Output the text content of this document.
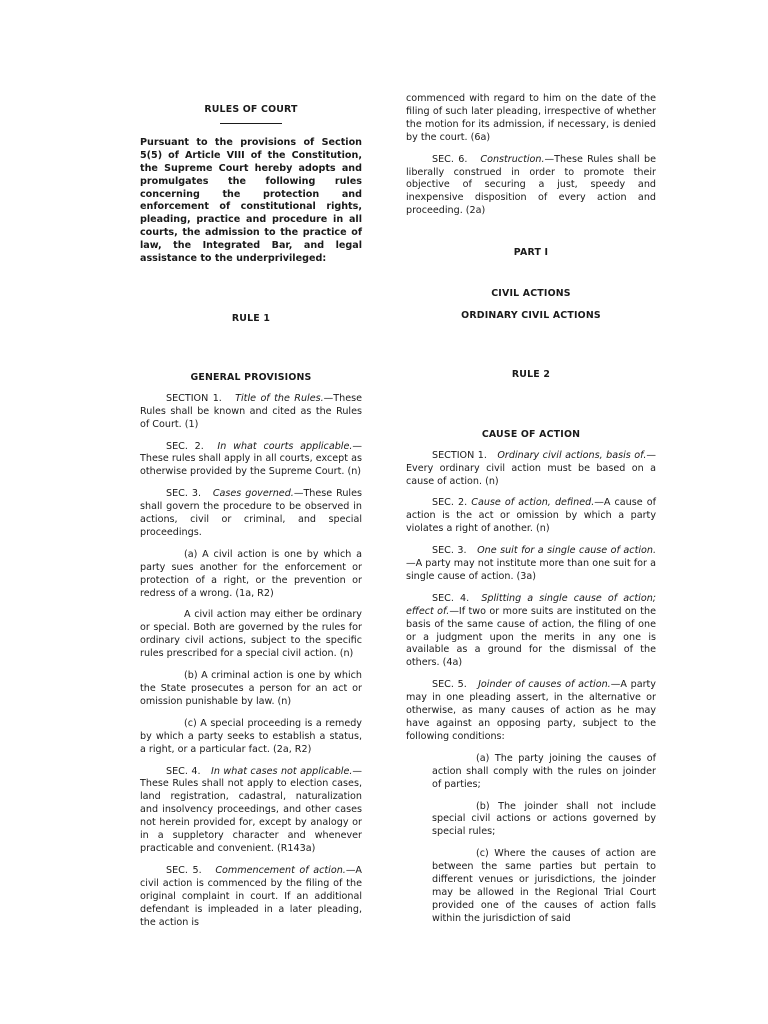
RULES OF COURT

Pursuant to the provisions of Section 5(5) of Article VIII of the Constitution, the Supreme Court hereby adopts and promulgates the following rules concerning the protection and enforcement of constitutional rights, pleading, practice and procedure in all courts, the admission to the practice of law, the Integrated Bar, and legal assistance to the underprivileged:

RULE 1

GENERAL PROVISIONS

SECTION 1. Title of the Rules.—These Rules shall be known and cited as the Rules of Court. (1)

SEC. 2. In what courts applicable.—These rules shall apply in all courts, except as otherwise provided by the Supreme Court. (n)

SEC. 3. Cases governed.—These Rules shall govern the procedure to be observed in actions, civil or criminal, and special proceedings.

(a) A civil action is one by which a party sues another for the enforcement or protection of a right, or the prevention or redress of a wrong. (1a, R2)

A civil action may either be ordinary or special. Both are governed by the rules for ordinary civil actions, subject to the specific rules prescribed for a special civil action. (n)

(b) A criminal action is one by which the State prosecutes a person for an act or omission punishable by law. (n)

(c) A special proceeding is a remedy by which a party seeks to establish a status, a right, or a particular fact. (2a, R2)

SEC. 4. In what cases not applicable.—These Rules shall not apply to election cases, land registration, cadastral, naturalization and insolvency proceedings, and other cases not herein provided for, except by analogy or in a suppletory character and whenever practicable and convenient. (R143a)

SEC. 5. Commencement of action.—A civil action is commenced by the filing of the original complaint in court. If an additional defendant is impleaded in a later pleading, the action is

commenced with regard to him on the date of the filing of such later pleading, irrespective of whether the motion for its admission, if necessary, is denied by the court. (6a)

SEC. 6. Construction.—These Rules shall be liberally construed in order to promote their objective of securing a just, speedy and inexpensive disposition of every action and proceeding. (2a)

PART I

CIVIL ACTIONS

ORDINARY CIVIL ACTIONS

RULE 2

CAUSE OF ACTION

SECTION 1. Ordinary civil actions, basis of.—Every ordinary civil action must be based on a cause of action. (n)

SEC. 2. Cause of action, defined.—A cause of action is the act or omission by which a party violates a right of another. (n)

SEC. 3. One suit for a single cause of action.—A party may not institute more than one suit for a single cause of action. (3a)

SEC. 4. Splitting a single cause of action; effect of.—If two or more suits are instituted on the basis of the same cause of action, the filing of one or a judgment upon the merits in any one is available as a ground for the dismissal of the others. (4a)

SEC. 5. Joinder of causes of action.—A party may in one pleading assert, in the alternative or otherwise, as many causes of action as he may have against an opposing party, subject to the following conditions:

(a) The party joining the causes of action shall comply with the rules on joinder of parties;

(b) The joinder shall not include special civil actions or actions governed by special rules;

(c) Where the causes of action are between the same parties but pertain to different venues or jurisdictions, the joinder may be allowed in the Regional Trial Court provided one of the causes of action falls within the jurisdiction of said
